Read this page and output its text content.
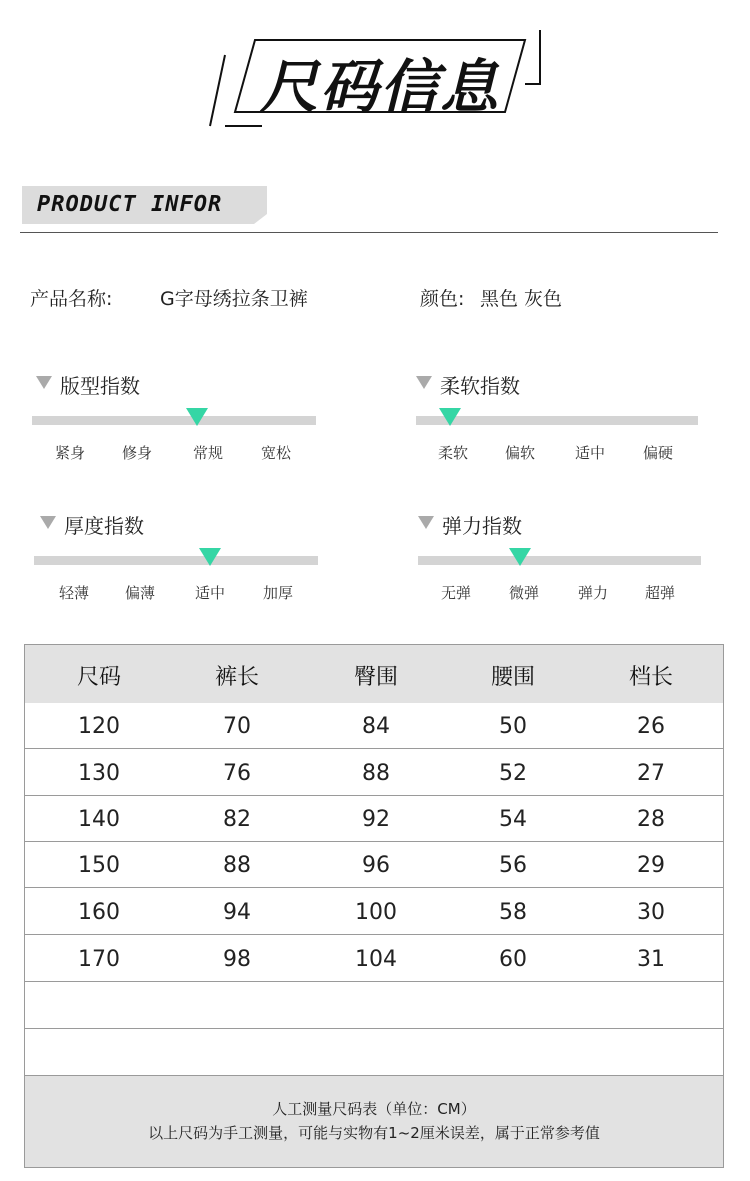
尺码信息
PRODUCT INFOR
产品名称:	G字母绣拉条卫裤	颜色: 黑色 灰色
版型指数
紧身	修身	常规	宽松
柔软指数
柔软	偏软	适中	偏硬
厚度指数
轻薄	偏薄	适中	加厚
弹力指数
无弹	微弹	弹力	超弹
尺码	裤长	臀围	腰围	档长
120	70	84	50	26
130	76	88	52	27
140	82	92	54	28
150	88	96	56	29
160	94	100	58	30
170	98	104	60	31
人工测量尺码表（单位：CM）
以上尺码为手工测量，可能与实物有1~2厘米误差，属于正常参考值
